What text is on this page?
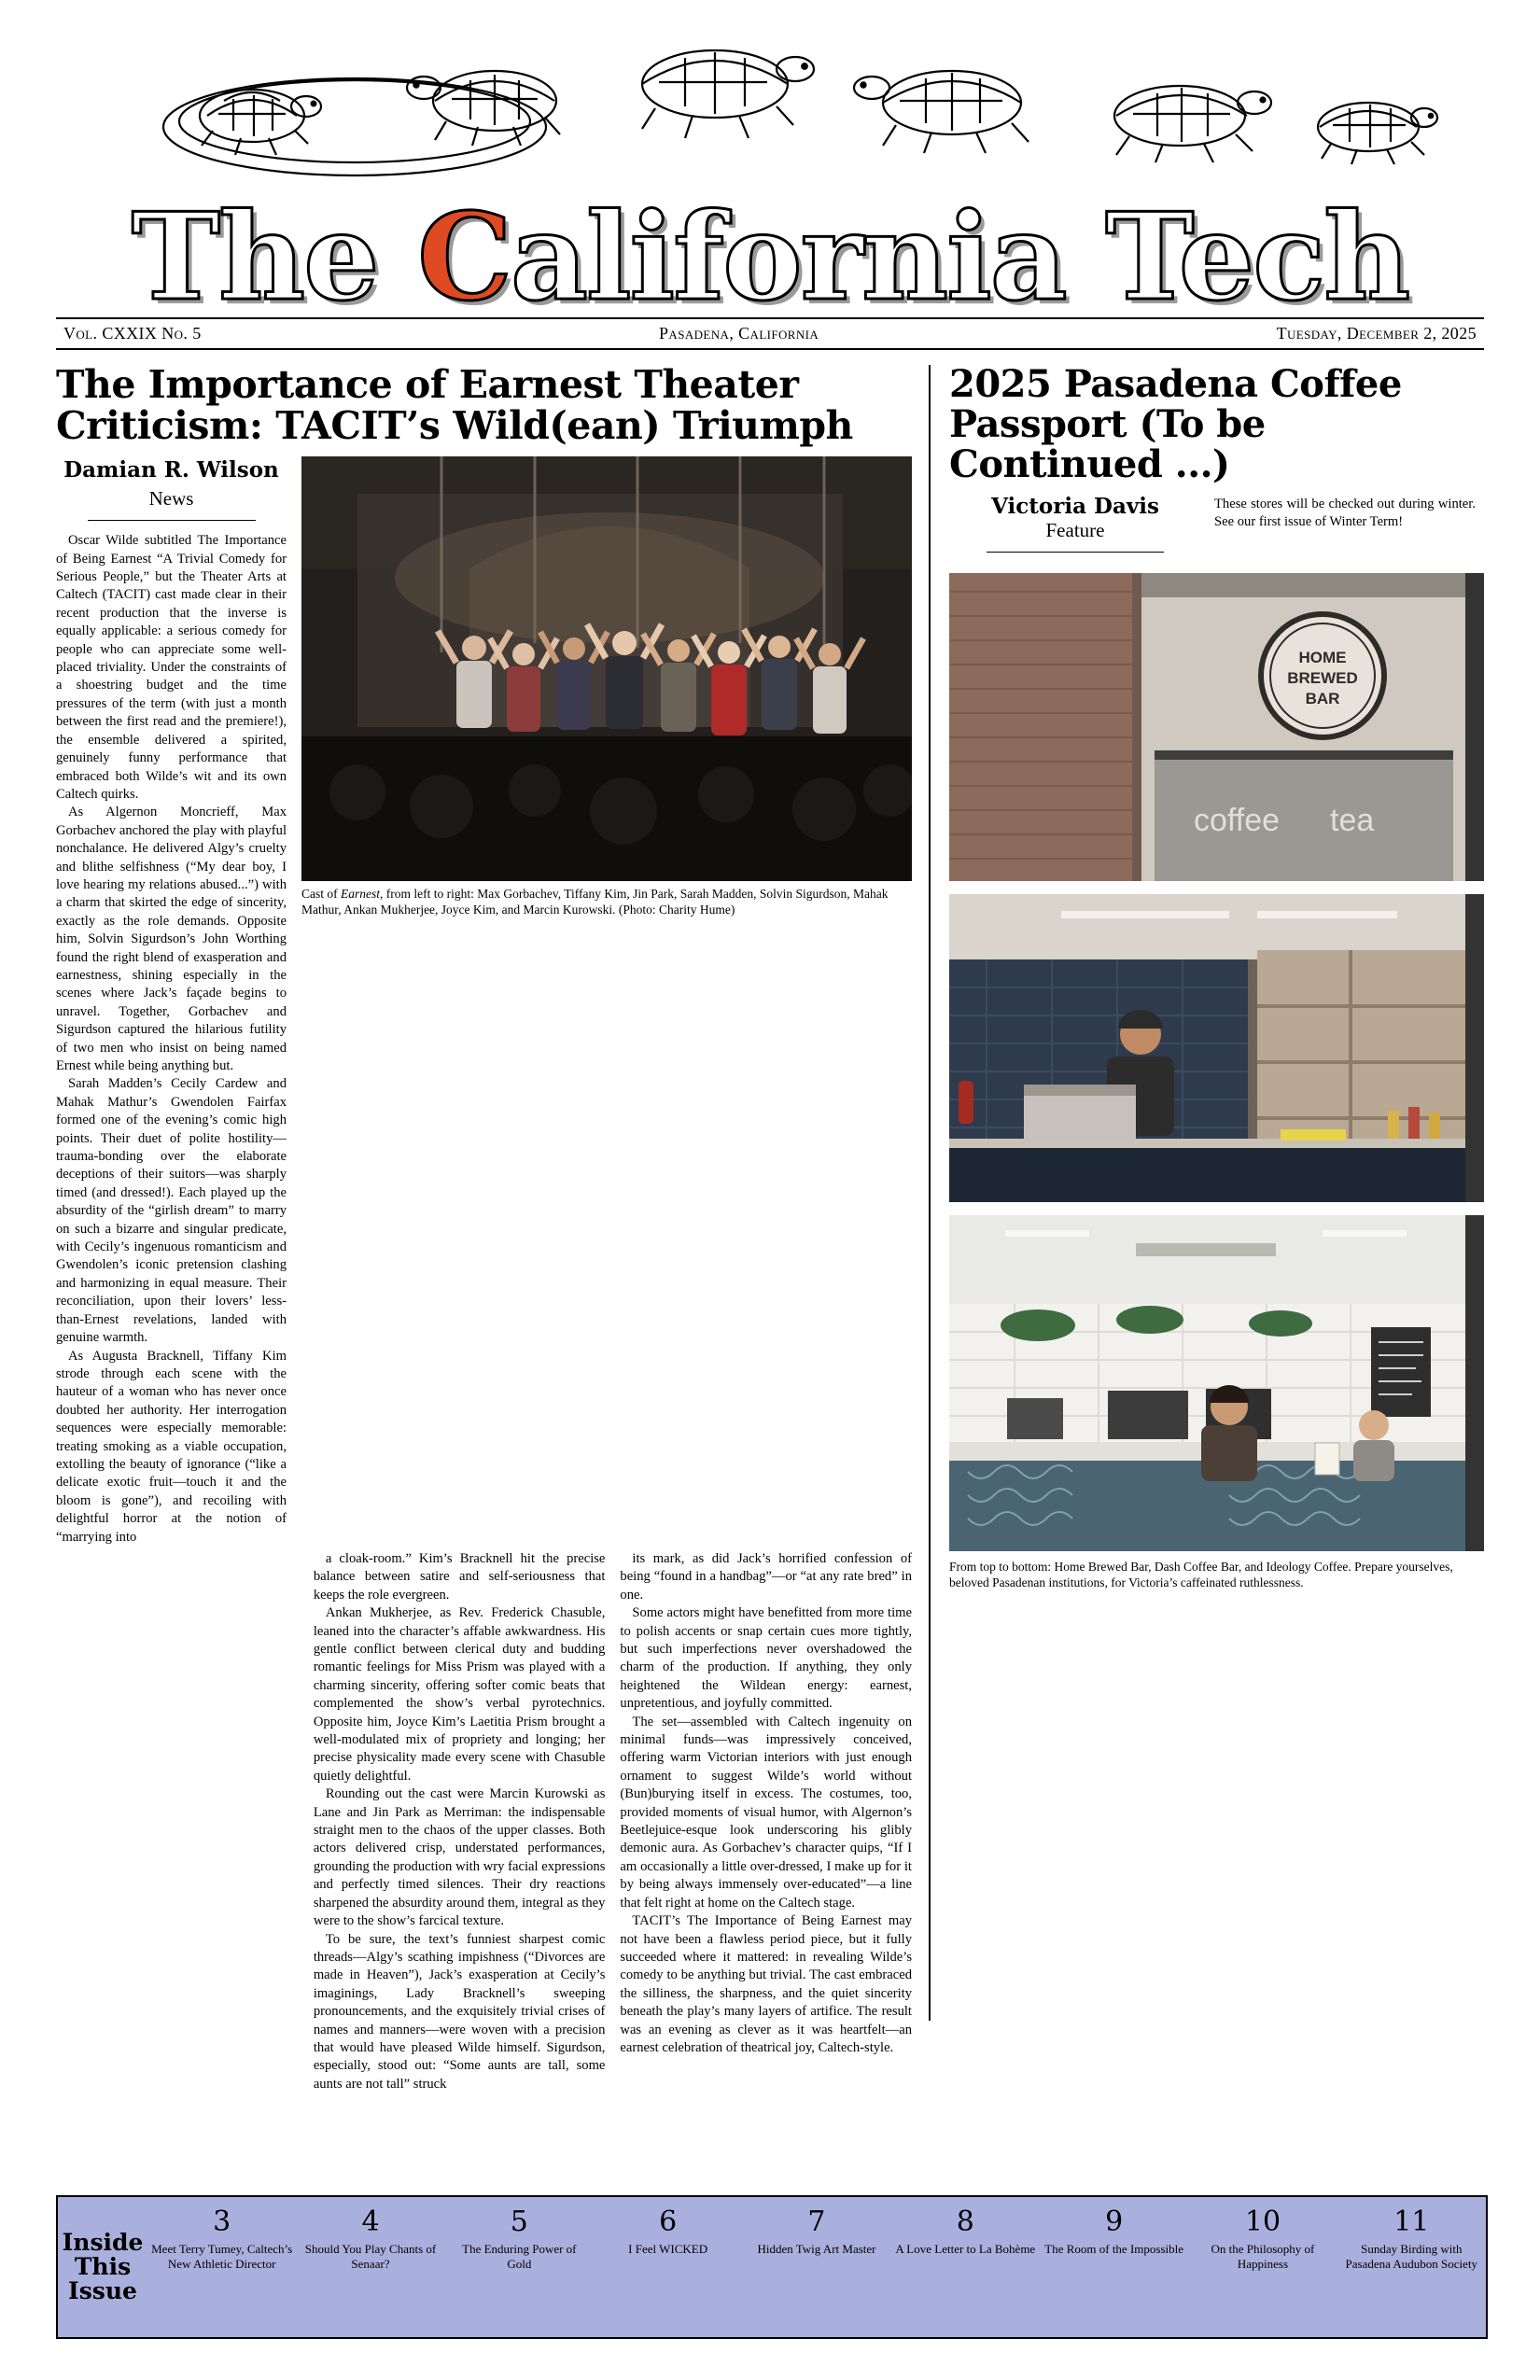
The California Tech
Vol. CXXIX No. 5	Pasadena, California	Tuesday, December 2, 2025
The Importance of Earnest Theater Criticism: TACIT’s Wild(ean) Triumph
Damian R. Wilson
News

Oscar Wilde subtitled The Importance of Being Earnest “A Trivial Comedy for Serious People,” but the Theater Arts at Caltech (TACIT) cast made clear in their recent production that the inverse is equally applicable: a serious comedy for people who can appreciate some well-placed triviality. Under the constraints of a shoestring budget and the time pressures of the term (with just a month between the first read and the premiere!), the ensemble delivered a spirited, genuinely funny performance that embraced both Wilde’s wit and its own Caltech quirks.

As Algernon Moncrieff, Max Gorbachev anchored the play with playful nonchalance. He delivered Algy’s cruelty and blithe selfishness (“My dear boy, I love hearing my relations abused...”) with a charm that skirted the edge of sincerity, exactly as the role demands. Opposite him, Solvin Sigurdson’s John Worthing found the right blend of exasperation and earnestness, shining especially in the scenes where Jack’s façade begins to unravel. Together, Gorbachev and Sigurdson captured the hilarious futility of two men who insist on being named Ernest while being anything but.

Sarah Madden’s Cecily Cardew and Mahak Mathur’s Gwendolen Fairfax formed one of the evening’s comic high points. Their duet of polite hostility—trauma-bonding over the elaborate deceptions of their suitors—was sharply timed (and dressed!). Each played up the absurdity of the “girlish dream” to marry on such a bizarre and singular predicate, with Cecily’s ingenuous romanticism and Gwendolen’s iconic pretension clashing and harmonizing in equal measure. Their reconciliation, upon their lovers’ less-than-Ernest revelations, landed with genuine warmth.

As Augusta Bracknell, Tiffany Kim strode through each scene with the hauteur of a woman who has never once doubted her authority. Her interrogation sequences were especially memorable: treating smoking as a viable occupation, extolling the beauty of ignorance (“like a delicate exotic fruit—touch it and the bloom is gone”), and recoiling with delightful horror at the notion of “marrying into

Cast of Earnest, from left to right: Max Gorbachev, Tiffany Kim, Jin Park, Sarah Madden, Solvin Sigurdson, Mahak Mathur, Ankan Mukherjee, Joyce Kim, and Marcin Kurowski. (Photo: Charity Hume)

a cloak-room.” Kim’s Bracknell hit the precise balance between satire and self-seriousness that keeps the role evergreen.

Ankan Mukherjee, as Rev. Frederick Chasuble, leaned into the character’s affable awkwardness. His gentle conflict between clerical duty and budding romantic feelings for Miss Prism was played with a charming sincerity, offering softer comic beats that complemented the show’s verbal pyrotechnics. Opposite him, Joyce Kim’s Laetitia Prism brought a well-modulated mix of propriety and longing; her precise physicality made every scene with Chasuble quietly delightful.

Rounding out the cast were Marcin Kurowski as Lane and Jin Park as Merriman: the indispensable straight men to the chaos of the upper classes. Both actors delivered crisp, understated performances, grounding the production with wry facial expressions and perfectly timed silences. Their dry reactions sharpened the absurdity around them, integral as they were to the show’s farcical texture.

To be sure, the text’s funniest sharpest comic threads—Algy’s scathing impishness (“Divorces are made in Heaven”), Jack’s exasperation at Cecily’s imaginings, Lady Bracknell’s sweeping pronouncements, and the exquisitely trivial crises of names and manners—were woven with a precision that would have pleased Wilde himself. Sigurdson, especially, stood out: “Some aunts are tall, some aunts are not tall” struck

its mark, as did Jack’s horrified confession of being “found in a handbag”—or “at any rate bred” in one.

Some actors might have benefitted from more time to polish accents or snap certain cues more tightly, but such imperfections never overshadowed the charm of the production. If anything, they only heightened the Wildean energy: earnest, unpretentious, and joyfully committed.

The set—assembled with Caltech ingenuity on minimal funds—was impressively conceived, offering warm Victorian interiors with just enough ornament to suggest Wilde’s world without (Bun)burying itself in excess. The costumes, too, provided moments of visual humor, with Algernon’s Beetlejuice-esque look underscoring his glibly demonic aura. As Gorbachev’s character quips, “If I am occasionally a little over-dressed, I make up for it by being always immensely over-educated”—a line that felt right at home on the Caltech stage.

TACIT’s The Importance of Being Earnest may not have been a flawless period piece, but it fully succeeded where it mattered: in revealing Wilde’s comedy to be anything but trivial. The cast embraced the silliness, the sharpness, and the quiet sincerity beneath the play’s many layers of artifice. The result was an evening as clever as it was heartfelt—an earnest celebration of theatrical joy, Caltech-style.

2025 Pasadena Coffee Passport (To be Continued ...)
Victoria Davis
Feature
These stores will be checked out during winter. See our first issue of Winter Term!
HOME
BREWED
BAR
coffee tea
From top to bottom: Home Brewed Bar, Dash Coffee Bar, and Ideology Coffee. Prepare yourselves, beloved Pasadenan institutions, for Victoria’s caffeinated ruthlessness.
Inside
This
Issue
3
Meet Terry Tumey, Caltech’s New Athletic Director
4
Should You Play Chants of Senaar?
5
The Enduring Power of Gold
6
I Feel WICKED
7
Hidden Twig Art Master
8
A Love Letter to La Bohème
9
The Room of the Impossible
10
On the Philosophy of Happiness
11
Sunday Birding with Pasadena Audubon Society
